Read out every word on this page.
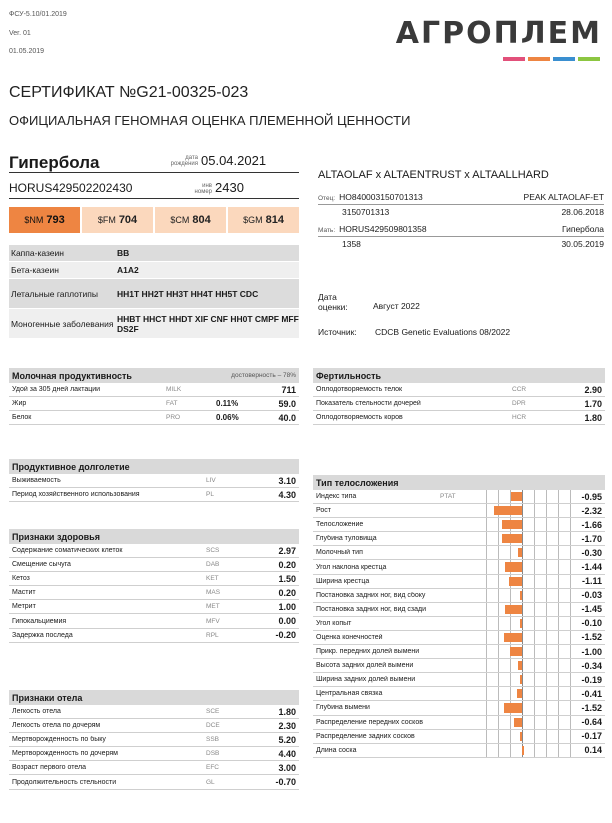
ФСУ-5.10/01.2019
Ver. 01
01.05.2019
АГРОПЛЕМ
СЕРТИФИКАТ №G21-00325-023
ОФИЦИАЛЬНАЯ ГЕНОМНАЯ ОЦЕНКА ПЛЕМЕННОЙ ЦЕННОСТИ
Гипербола	дата рождения 05.04.2021
HORUS429502202430	инв номер 2430
$NM 793	$FM 704	$CM 804	$GM 814
Каппа-казеин	BB
Бета-казеин	A1A2
Летальные гаплотипы	HH1T HH2T HH3T HH4T HH5T CDC
Моногенные заболевания HHBT HHCT HHDT XIF CNF HH0T CMPF MFF DS2F
ALTAOLAF x ALTAENTRUST x ALTAALLHARD
Отец: HO840003150701313	PEAK ALTAOLAF-ET
3150701313	28.06.2018
Мать: HORUS429509801358	Гипербола
1358	30.05.2019
Дата оценки:	Август 2022
Источник: CDCB Genetic Evaluations 08/2022
Молочная продуктивность	достоверность – 78%
Удой за 305 дней лактации	MILK	711
Жир	FAT	0.11%	59.0
Белок	PRO	0.06%	40.0
Фертильность
Оплодотворяемость телок	CCR	2.90
Показатель стельности дочерей	DPR	1.70
Оплодотворяемость коров	HCR	1.80
Продуктивное долголетие
Выживаемость	LIV	3.10
Период хозяйственного использования	PL	4.30
Признаки здоровья
Содержание соматических клеток	SCS	2.97
Смещение сычуга	DAB	0.20
Кетоз	KET	1.50
Мастит	MAS	0.20
Метрит	MET	1.00
Гипокальциемия	MFV	0.00
Задержка последа	RPL	-0.20
Признаки отела
Легкость отела	SCE	1.80
Легкость отела по дочерям	DCE	2.30
Мертворожденность по быку	SSB	5.20
Мертворожденность по дочерям	DSB	4.40
Возраст первого отела	EFC	3.00
Продолжительность стельности	GL	-0.70
Тип телосложения
Индекс типа	PTAT	-0.95
Рост	-2.32
Телосложение	-1.66
Глубина туловища	-1.70
Молочный тип	-0.30
Угол наклона крестца	-1.44
Ширина крестца	-1.11
Постановка задних ног, вид сбоку	-0.03
Постановка задних ног, вид сзади	-1.45
Угол копыт	-0.10
Оценка конечностей	-1.52
Прикр. передних долей вымени	-1.00
Высота задних долей вымени	-0.34
Ширина задних долей вымени	-0.19
Центральная связка	-0.41
Глубина вымени	-1.52
Распределение передних сосков	-0.64
Распределение задних сосков	-0.17
Длина соска	0.14
